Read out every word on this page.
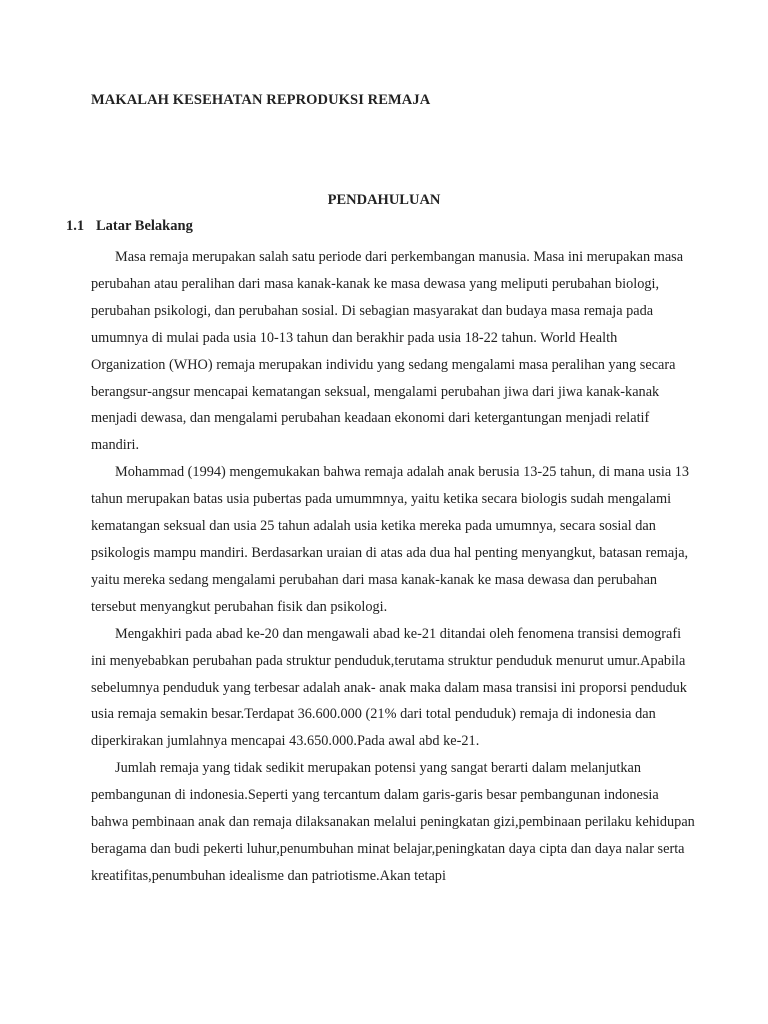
MAKALAH KESEHATAN REPRODUKSI REMAJA
PENDAHULUAN
1.1 Latar Belakang

Masa remaja merupakan salah satu periode dari perkembangan manusia. Masa ini merupakan masa perubahan atau peralihan dari masa kanak-kanak ke masa dewasa yang meliputi perubahan biologi, perubahan psikologi, dan perubahan sosial. Di sebagian masyarakat dan budaya masa remaja pada umumnya di mulai pada usia 10-13 tahun dan berakhir pada usia 18-22 tahun. World Health Organization (WHO) remaja merupakan individu yang sedang mengalami masa peralihan yang secara berangsur-angsur mencapai kematangan seksual, mengalami perubahan jiwa dari jiwa kanak-kanak menjadi dewasa, dan mengalami perubahan keadaan ekonomi dari ketergantungan menjadi relatif mandiri.

Mohammad (1994) mengemukakan bahwa remaja adalah anak berusia 13-25 tahun, di mana usia 13 tahun merupakan batas usia pubertas pada umummnya, yaitu ketika secara biologis sudah mengalami kematangan seksual dan usia 25 tahun adalah usia ketika mereka pada umumnya, secara sosial dan psikologis mampu mandiri. Berdasarkan uraian di atas ada dua hal penting menyangkut, batasan remaja, yaitu mereka sedang mengalami perubahan dari masa kanak-kanak ke masa dewasa dan perubahan tersebut menyangkut perubahan fisik dan psikologi.

Mengakhiri pada abad ke-20 dan mengawali abad ke-21 ditandai oleh fenomena transisi demografi ini menyebabkan perubahan pada struktur penduduk,terutama struktur penduduk menurut umur.Apabila sebelumnya penduduk yang terbesar adalah anak- anak maka dalam masa transisi ini proporsi penduduk usia remaja semakin besar.Terdapat 36.600.000 (21% dari total penduduk) remaja di indonesia dan diperkirakan jumlahnya mencapai 43.650.000.Pada awal abd ke-21.

Jumlah remaja yang tidak sedikit merupakan potensi yang sangat berarti dalam melanjutkan pembangunan di indonesia.Seperti yang tercantum dalam garis-garis besar pembangunan indonesia bahwa pembinaan anak dan remaja dilaksanakan melalui peningkatan gizi,pembinaan perilaku kehidupan beragama dan budi pekerti luhur,penumbuhan minat belajar,peningkatan daya cipta dan daya nalar serta kreatifitas,penumbuhan idealisme dan patriotisme.Akan tetapi
